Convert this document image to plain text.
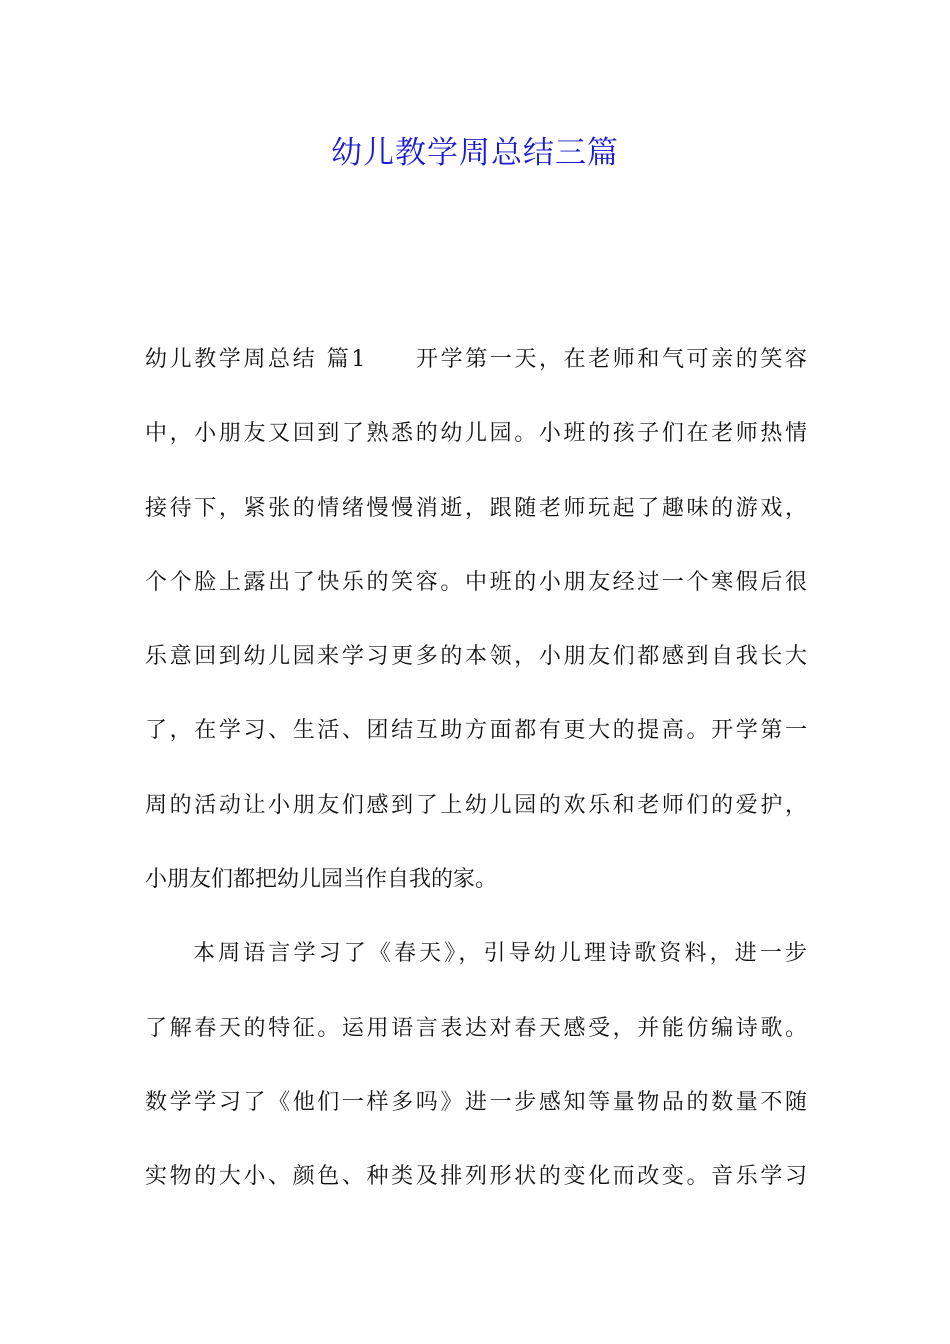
幼儿教学周总结三篇
幼儿教学周总结 篇1 开学第一天，在老师和气可亲的笑容
中，小朋友又回到了熟悉的幼儿园。小班的孩子们在老师热情
接待下，紧张的情绪慢慢消逝，跟随老师玩起了趣味的游戏，
个个脸上露出了快乐的笑容。中班的小朋友经过一个寒假后很
乐意回到幼儿园来学习更多的本领，小朋友们都感到自我长大
了，在学习、生活、团结互助方面都有更大的提高。开学第一
周的活动让小朋友们感到了上幼儿园的欢乐和老师们的爱护，
小朋友们都把幼儿园当作自我的家。
本周语言学习了《春天》，引导幼儿理诗歌资料，进一步
了解春天的特征。运用语言表达对春天感受，并能仿编诗歌。
数学学习了《他们一样多吗》进一步感知等量物品的数量不随
实物的大小、颜色、种类及排列形状的变化而改变。音乐学习
